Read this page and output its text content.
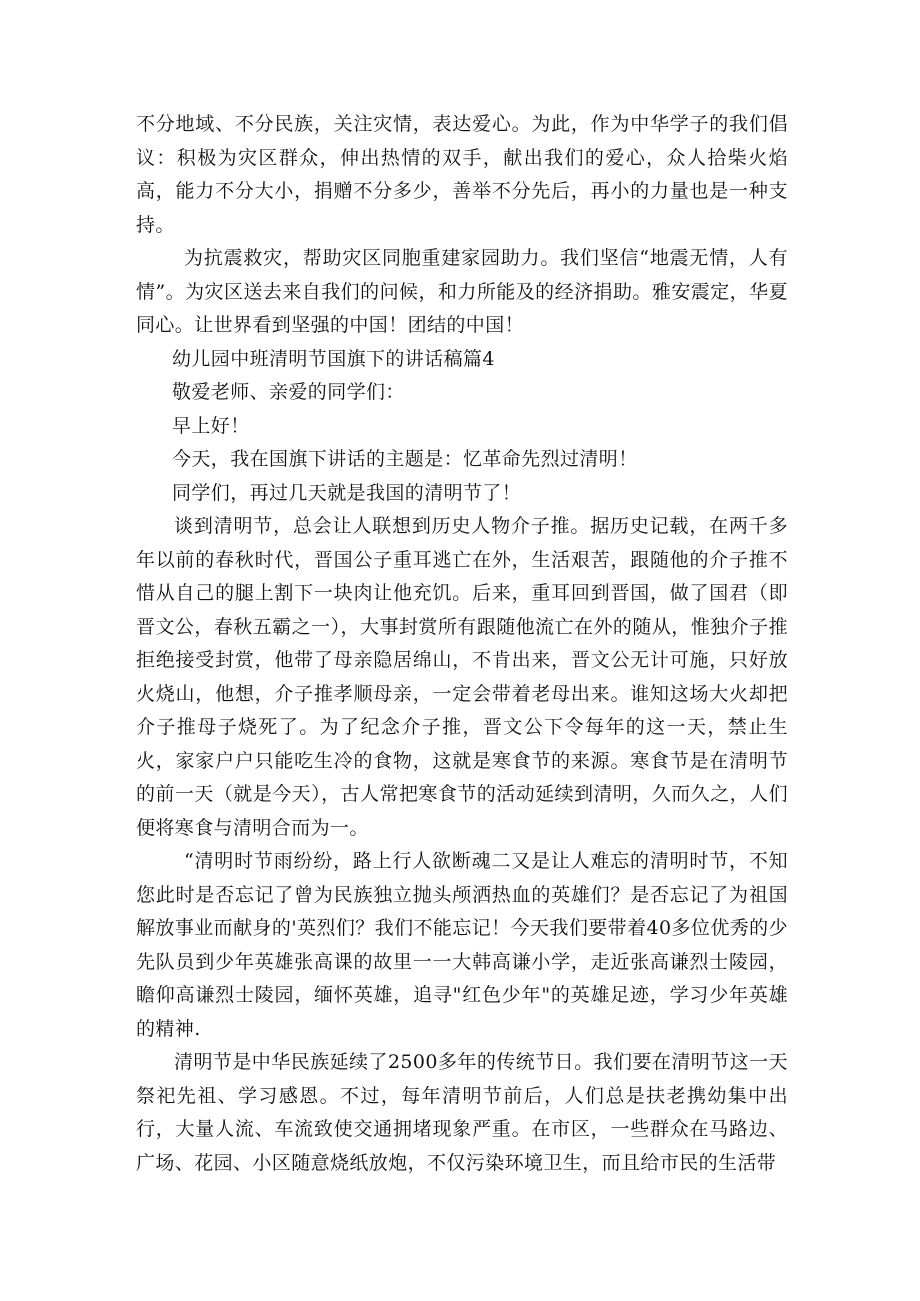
不分地域、不分民族，关注灾情，表达爱心。为此，作为中华学子的我们倡议：积极为灾区群众，伸出热情的双手，献出我们的爱心，众人拾柴火焰高，能力不分大小，捐赠不分多少，善举不分先后，再小的力量也是一种支持。

为抗震救灾，帮助灾区同胞重建家园助力。我们坚信“地震无情，人有情”。为灾区送去来自我们的问候，和力所能及的经济捐助。雅安震定，华夏同心。让世界看到坚强的中国！团结的中国！

幼儿园中班清明节国旗下的讲话稿篇4

敬爱老师、亲爱的同学们：

早上好！

今天，我在国旗下讲话的主题是：忆革命先烈过清明！

同学们，再过几天就是我国的清明节了！

谈到清明节，总会让人联想到历史人物介子推。据历史记载，在两千多年以前的春秋时代，晋国公子重耳逃亡在外，生活艰苦，跟随他的介子推不惜从自己的腿上割下一块肉让他充饥。后来，重耳回到晋国，做了国君（即晋文公，春秋五霸之一），大事封赏所有跟随他流亡在外的随从，惟独介子推拒绝接受封赏，他带了母亲隐居绵山，不肯出来，晋文公无计可施，只好放火烧山，他想，介子推孝顺母亲，一定会带着老母出来。谁知这场大火却把介子推母子烧死了。为了纪念介子推，晋文公下令每年的这一天，禁止生火，家家户户只能吃生冷的食物，这就是寒食节的来源。寒食节是在清明节的前一天（就是今天），古人常把寒食节的活动延续到清明，久而久之，人们便将寒食与清明合而为一。

“清明时节雨纷纷，路上行人欲断魂二又是让人难忘的清明时节，不知您此时是否忘记了曾为民族独立抛头颅洒热血的英雄们？是否忘记了为祖国解放事业而献身的'英烈们？我们不能忘记！今天我们要带着40多位优秀的少先队员到少年英雄张高课的故里一一大韩高谦小学，走近张高谦烈士陵园，瞻仰高谦烈士陵园，缅怀英雄，追寻"红色少年"的英雄足迹，学习少年英雄的精神.

清明节是中华民族延续了2500多年的传统节日。我们要在清明节这一天祭祀先祖、学习感恩。不过，每年清明节前后，人们总是扶老携幼集中出行，大量人流、车流致使交通拥堵现象严重。在市区，一些群众在马路边、广场、花园、小区随意烧纸放炮，不仅污染环境卫生，而且给市民的生活带
